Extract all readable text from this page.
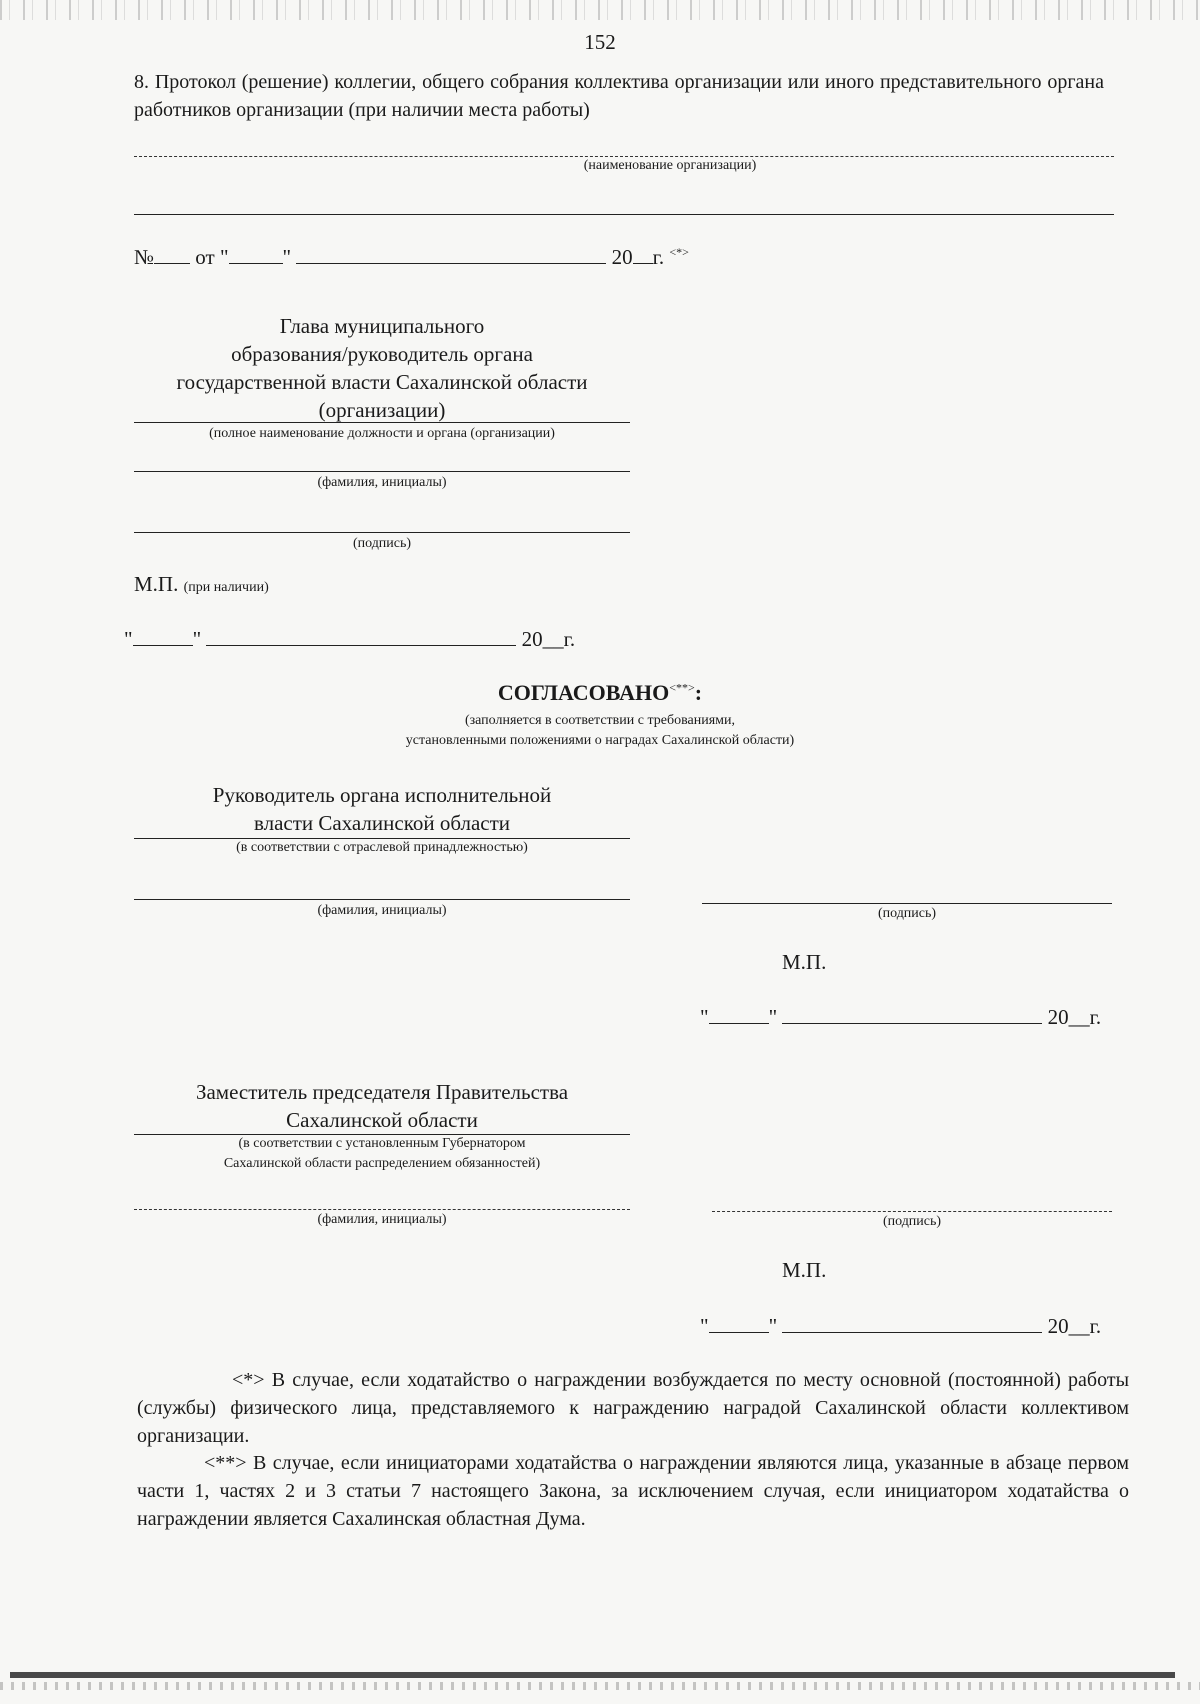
152
8. Протокол (решение) коллегии, общего собрания коллектива организации или иного представительного органа работников организации (при наличии места работы)
(наименование организации)
№ от "	"	20 г. <*>
Глава муниципального
образования/руководитель органа
государственной власти Сахалинской области
(организации)
(полное наименование должности и органа (организации)
(фамилия, инициалы)
(подпись)
М.П. (при наличии)
"	"	20__г.
СОГЛАСОВАНО<**>:
(заполняется в соответствии с требованиями,
установленными положениями о наградах Сахалинской области)
Руководитель органа исполнительной
власти Сахалинской области
(в соответствии с отраслевой принадлежностью)
(фамилия, инициалы)	(подпись)
М.П.
"	"	20__г.
Заместитель председателя Правительства
Сахалинской области
(в соответствии с установленным Губернатором
Сахалинской области распределением обязанностей)
(фамилия, инициалы)	(подпись)
М.П.
"	"	20__г.
<*> В случае, если ходатайство о награждении возбуждается по месту основной (постоянной) работы (службы) физического лица, представляемого к награждению наградой Сахалинской области коллективом организации.
<**> В случае, если инициаторами ходатайства о награждении являются лица, указанные в абзаце первом части 1, частях 2 и 3 статьи 7 настоящего Закона, за исключением случая, если инициатором ходатайства о награждении является Сахалинская областная Дума.
